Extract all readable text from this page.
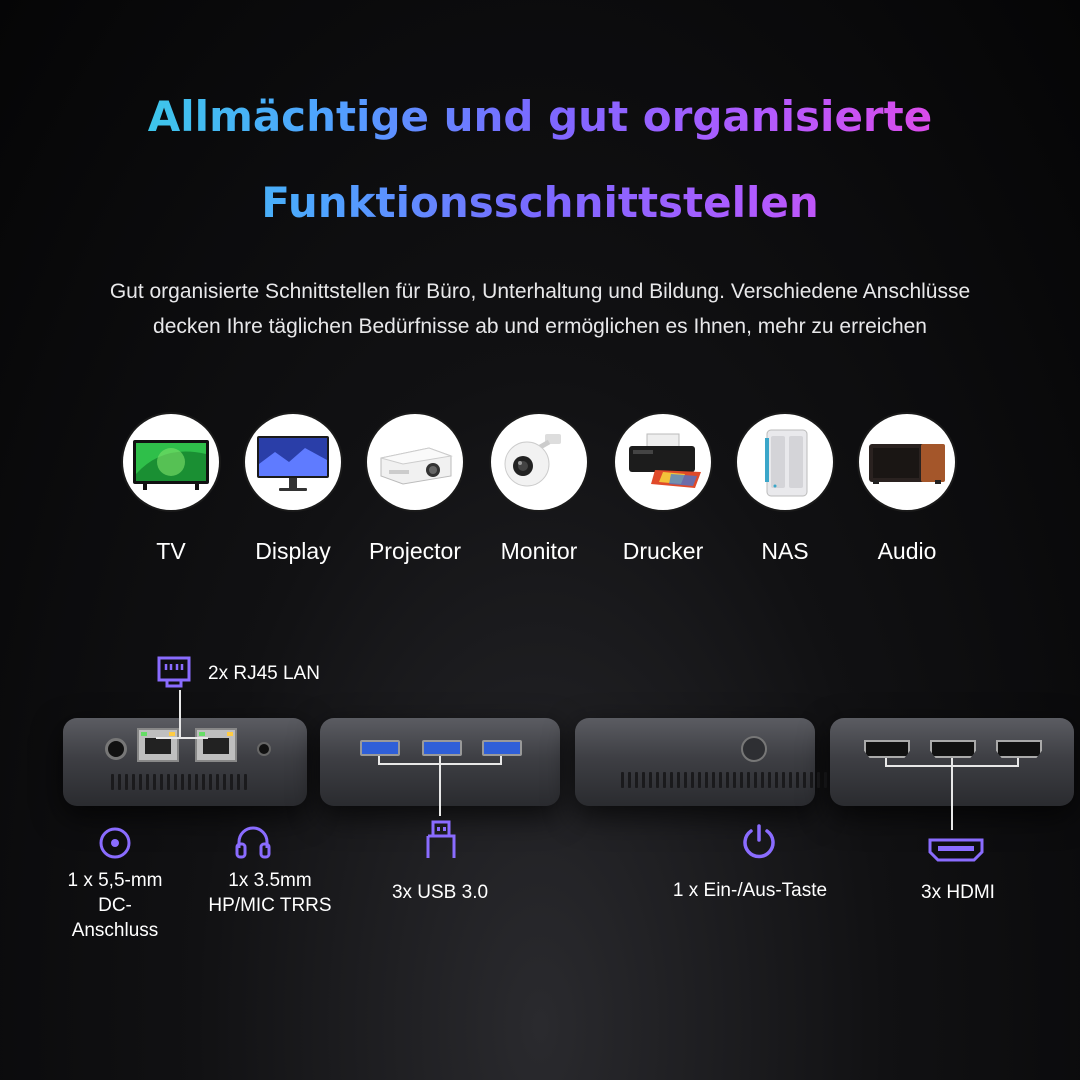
Allmächtige und gut organisierte
Funktionsschnittstellen
Gut organisierte Schnittstellen für Büro, Unterhaltung und Bildung. Verschiedene Anschlüsse
decken Ihre täglichen Bedürfnisse ab und ermöglichen es Ihnen, mehr zu erreichen
TV	Display	Projector	Monitor	Drucker	NAS	Audio
2x RJ45 LAN
1 x 5,5-mm
DC-Anschluss
1x 3.5mm
HP/MIC TRRS
3x USB 3.0	1 x Ein-/Aus-Taste	3x HDMI
